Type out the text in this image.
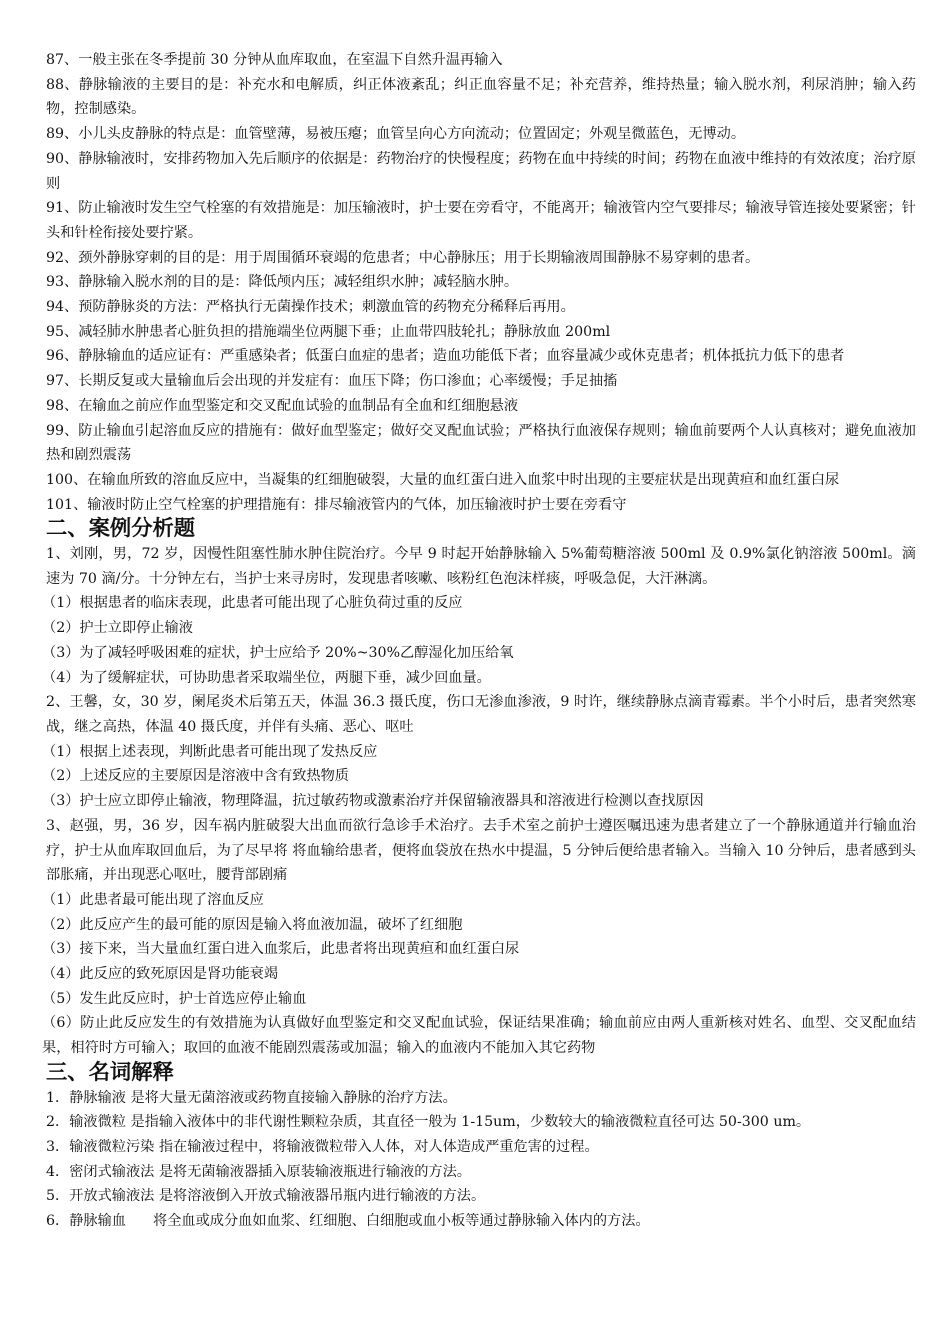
87、一般主张在冬季提前 30 分钟从血库取血，在室温下自然升温再输入

88、静脉输液的主要目的是：补充水和电解质，纠正体液紊乱；纠正血容量不足；补充营养，维持热量；输入脱水剂，利尿消肿；输入药物，控制感染。

89、小儿头皮静脉的特点是：血管壁薄，易被压瘪；血管呈向心方向流动；位置固定；外观呈微蓝色，无博动。

90、静脉输液时，安排药物加入先后顺序的依据是：药物治疗的快慢程度；药物在血中持续的时间；药物在血液中维持的有效浓度；治疗原则

91、防止输液时发生空气栓塞的有效措施是：加压输液时，护士要在旁看守，不能离开；输液管内空气要排尽；输液导管连接处要紧密；针头和针栓衔接处要拧紧。

92、颈外静脉穿刺的目的是：用于周围循环衰竭的危患者；中心静脉压；用于长期输液周围静脉不易穿刺的患者。

93、静脉输入脱水剂的目的是：降低颅内压；减轻组织水肿；减轻脑水肿。

94、预防静脉炎的方法：严格执行无菌操作技术；刺激血管的药物充分稀释后再用。

95、减轻肺水肿患者心脏负担的措施端坐位两腿下垂；止血带四肢轮扎；静脉放血 200ml

96、静脉输血的适应证有：严重感染者；低蛋白血症的患者；造血功能低下者；血容量减少或休克患者；机体抵抗力低下的患者

97、长期反复或大量输血后会出现的并发症有：血压下降；伤口渗血；心率缓慢；手足抽搐

98、在输血之前应作血型鉴定和交叉配血试验的血制品有全血和红细胞悬液

99、防止输血引起溶血反应的措施有：做好血型鉴定；做好交叉配血试验；严格执行血液保存规则；输血前要两个人认真核对；避免血液加热和剧烈震荡

100、在输血所致的溶血反应中，当凝集的红细胞破裂，大量的血红蛋白进入血浆中时出现的主要症状是出现黄疸和血红蛋白尿

101、输液时防止空气栓塞的护理措施有：排尽输液管内的气体，加压输液时护士要在旁看守

二、案例分析题

1、刘刚，男，72 岁，因慢性阻塞性肺水肿住院治疗。今早 9 时起开始静脉输入 5%葡萄糖溶液 500ml 及 0.9%氯化钠溶液 500ml。滴速为 70 滴/分。十分钟左右，当护士来寻房时，发现患者咳嗽、咳粉红色泡沫样痰，呼吸急促，大汗淋漓。

（1）根据患者的临床表现，此患者可能出现了心脏负荷过重的反应

（2）护士立即停止输液

（3）为了减轻呼吸困难的症状，护士应给予 20%~30%乙醇湿化加压给氧

（4）为了缓解症状，可协助患者采取端坐位，两腿下垂，减少回血量。

2、王馨，女，30 岁，阑尾炎术后第五天，体温 36.3 摄氏度，伤口无渗血渗液，9 时许，继续静脉点滴青霉素。半个小时后，患者突然寒战，继之高热，体温 40 摄氏度，并伴有头痛、恶心、呕吐

（1）根据上述表现，判断此患者可能出现了发热反应

（2）上述反应的主要原因是溶液中含有致热物质

（3）护士应立即停止输液，物理降温，抗过敏药物或激素治疗并保留输液器具和溶液进行检测以查找原因

3、赵强，男，36 岁，因车祸内脏破裂大出血而欲行急诊手术治疗。去手术室之前护士遵医嘱迅速为患者建立了一个静脉通道并行输血治疗，护士从血库取回血后，为了尽早将 将血输给患者，便将血袋放在热水中提温，5 分钟后便给患者输入。当输入 10 分钟后，患者感到头部胀痛，并出现恶心呕吐，腰背部剧痛

（1）此患者最可能出现了溶血反应

（2）此反应产生的最可能的原因是输入将血液加温，破坏了红细胞

（3）接下来，当大量血红蛋白进入血浆后，此患者将出现黄疸和血红蛋白尿

（4）此反应的致死原因是肾功能衰竭

（5）发生此反应时，护士首选应停止输血

（6）防止此反应发生的有效措施为认真做好血型鉴定和交叉配血试验，保证结果准确；输血前应由两人重新核对姓名、血型、交叉配血结果，相符时方可输入；取回的血液不能剧烈震荡或加温；输入的血液内不能加入其它药物

三、名词解释

1．静脉输液 是将大量无菌溶液或药物直接输入静脉的治疗方法。

2．输液微粒 是指输入液体中的非代谢性颗粒杂质，其直径一般为 1-15um，少数较大的输液微粒直径可达 50-300 um。

3．输液微粒污染 指在输液过程中，将输液微粒带入人体，对人体造成严重危害的过程。

4．密闭式输液法 是将无菌输液器插入原装输液瓶进行输液的方法。

5．开放式输液法 是将溶液倒入开放式输液器吊瓶内进行输液的方法。

6．静脉输血      将全血或成分血如血浆、红细胞、白细胞或血小板等通过静脉输入体内的方法。
